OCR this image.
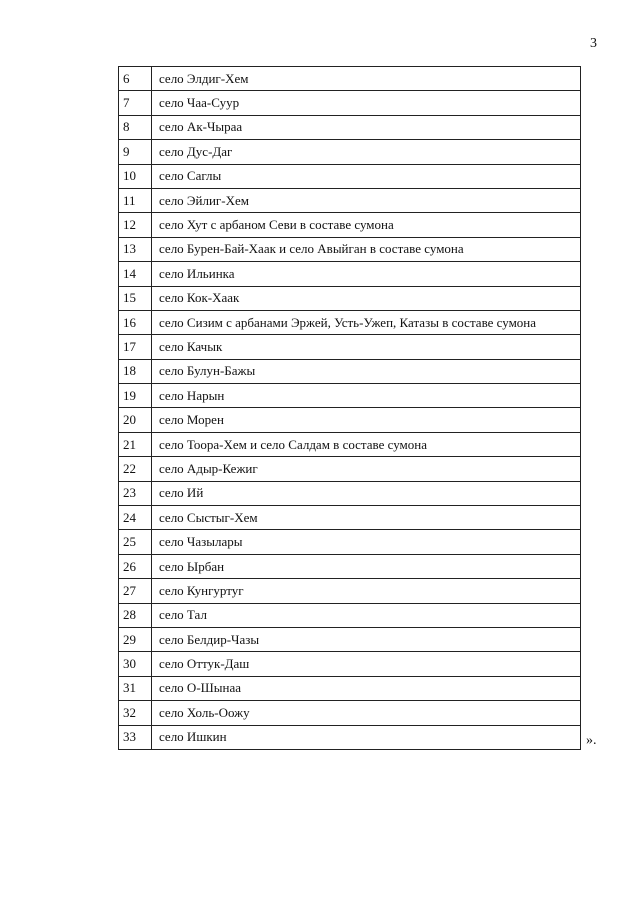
3
6	село Элдиг-Хем
7	село Чаа-Суур
8	село Ак-Чыраа
9	село Дус-Даг
10	село Саглы
11	село Эйлиг-Хем
12	село Хут с арбаном Севи в составе сумона
13	село Бурен-Бай-Хаак и село Авыйган в составе сумона
14	село Ильинка
15	село Кок-Хаак
16	село Сизим с арбанами Эржей, Усть-Ужеп, Катазы в составе сумона
17	село Качык
18	село Булун-Бажы
19	село Нарын
20	село Морен
21	село Тоора-Хем и село Салдам в составе сумона
22	село Адыр-Кежиг
23	село Ий
24	село Сыстыг-Хем
25	село Чазылары
26	село Ырбан
27	село Кунгуртуг
28	село Тал
29	село Белдир-Чазы
30	село Оттук-Даш
31	село О-Шынаа
32	село Холь-Оожу
33	село Ишкин	».
